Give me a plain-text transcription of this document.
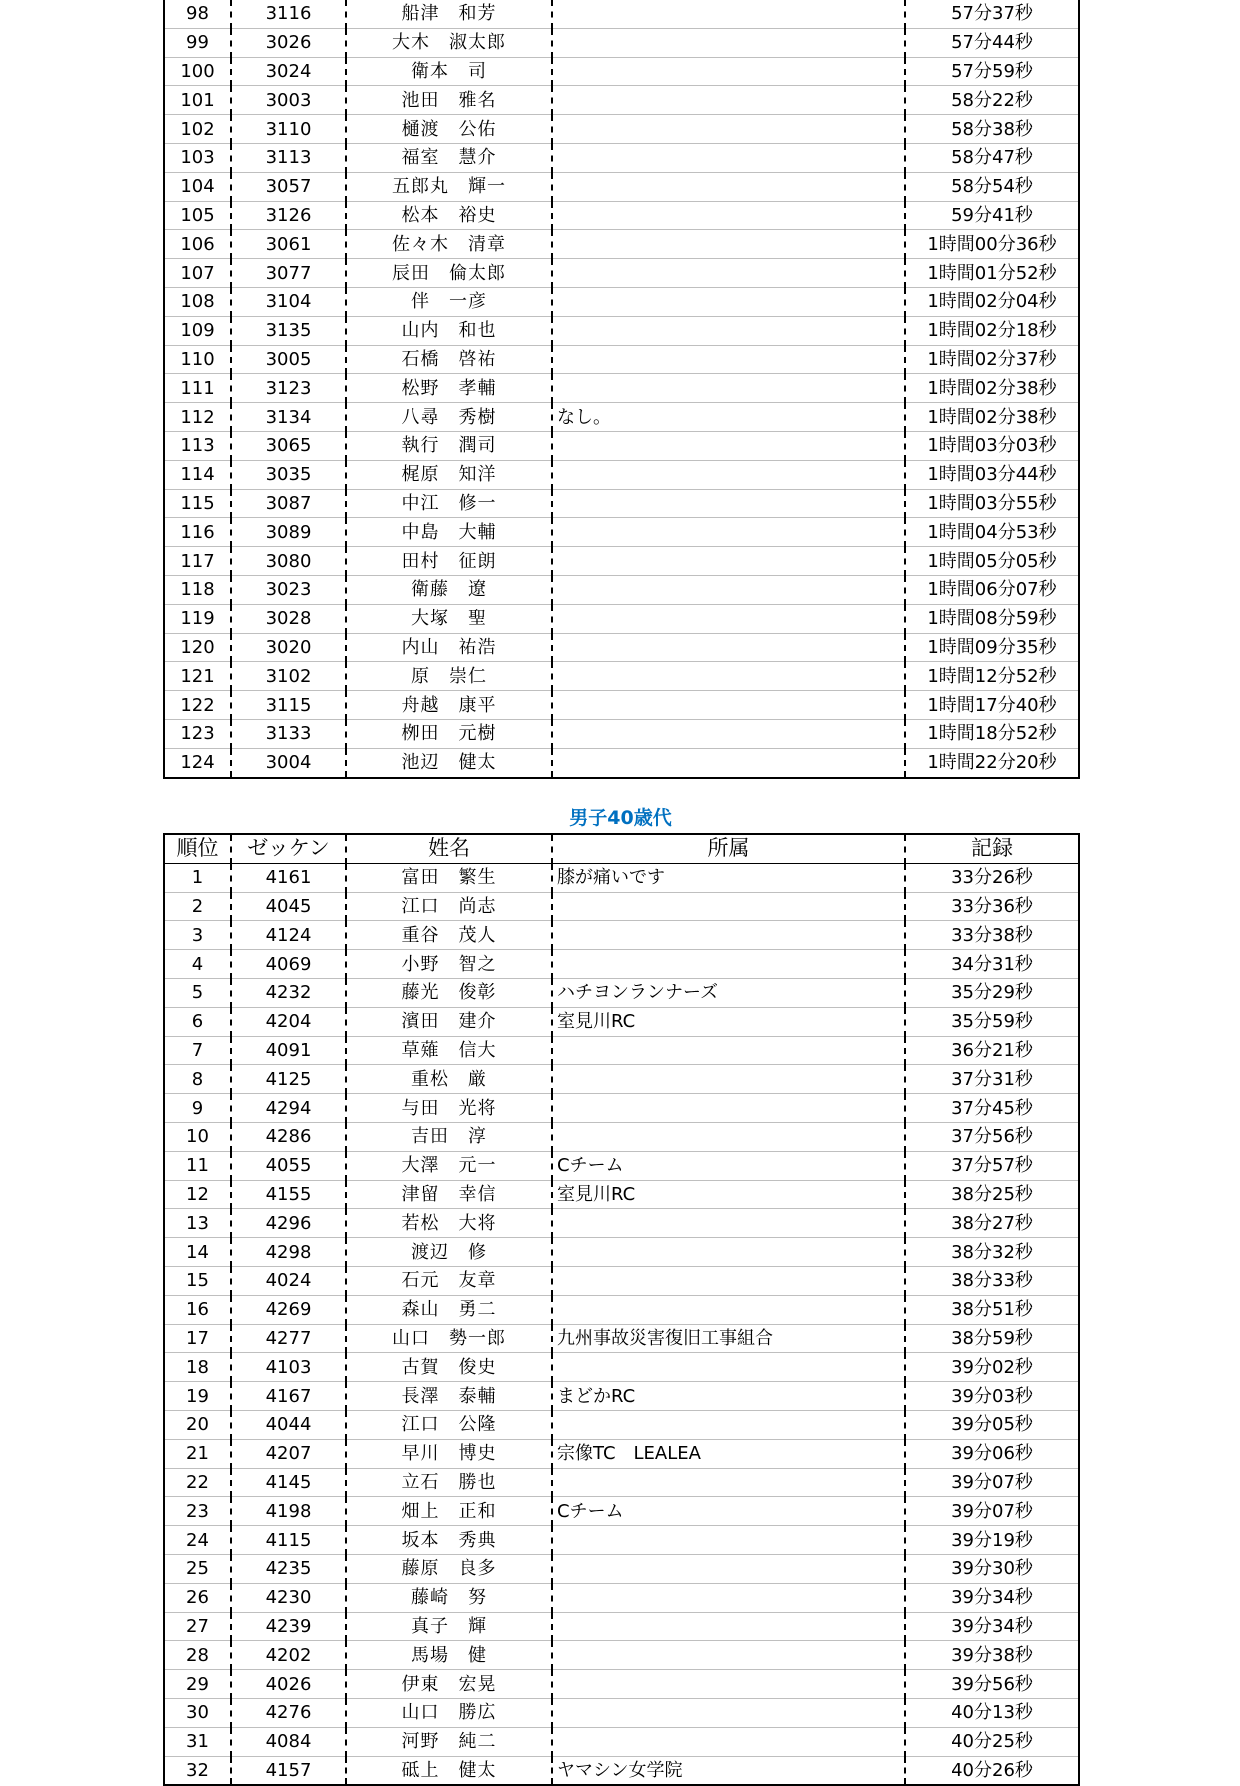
98	3116	船津　和芳		57分37秒
99	3026	大木　淑太郎		57分44秒
100	3024	衛本　司		57分59秒
101	3003	池田　雅名		58分22秒
102	3110	樋渡　公佑		58分38秒
103	3113	福室　慧介		58分47秒
104	3057	五郎丸　輝一		58分54秒
105	3126	松本　裕史		59分41秒
106	3061	佐々木　清章		1時間00分36秒
107	3077	辰田　倫太郎		1時間01分52秒
108	3104	伴　一彦		1時間02分04秒
109	3135	山内　和也		1時間02分18秒
110	3005	石橋　啓祐		1時間02分37秒
111	3123	松野　孝輔		1時間02分38秒
112	3134	八尋　秀樹	なし。	1時間02分38秒
113	3065	執行　潤司		1時間03分03秒
114	3035	梶原　知洋		1時間03分44秒
115	3087	中江　修一		1時間03分55秒
116	3089	中島　大輔		1時間04分53秒
117	3080	田村　征朗		1時間05分05秒
118	3023	衛藤　遼		1時間06分07秒
119	3028	大塚　聖		1時間08分59秒
120	3020	内山　祐浩		1時間09分35秒
121	3102	原　崇仁		1時間12分52秒
122	3115	舟越　康平		1時間17分40秒
123	3133	栁田　元樹		1時間18分52秒
124	3004	池辺　健太		1時間22分20秒
男子40歳代
順位	ゼッケン	姓名	所属	記録
1	4161	富田　繁生	膝が痛いです	33分26秒
2	4045	江口　尚志		33分36秒
3	4124	重谷　茂人		33分38秒
4	4069	小野　智之		34分31秒
5	4232	藤光　俊彰	ハチヨンランナーズ	35分29秒
6	4204	濱田　建介	室見川RC	35分59秒
7	4091	草薙　信大		36分21秒
8	4125	重松　厳		37分31秒
9	4294	与田　光将		37分45秒
10	4286	吉田　淳		37分56秒
11	4055	大澤　元一	Cチーム	37分57秒
12	4155	津留　幸信	室見川RC	38分25秒
13	4296	若松　大将		38分27秒
14	4298	渡辺　修		38分32秒
15	4024	石元　友章		38分33秒
16	4269	森山　勇二		38分51秒
17	4277	山口　勢一郎	九州事故災害復旧工事組合	38分59秒
18	4103	古賀　俊史		39分02秒
19	4167	長澤　泰輔	まどかRC	39分03秒
20	4044	江口　公隆		39分05秒
21	4207	早川　博史	宗像TC　LEALEA	39分06秒
22	4145	立石　勝也		39分07秒
23	4198	畑上　正和	Cチーム	39分07秒
24	4115	坂本　秀典		39分19秒
25	4235	藤原　良多		39分30秒
26	4230	藤崎　努		39分34秒
27	4239	真子　輝		39分34秒
28	4202	馬場　健		39分38秒
29	4026	伊東　宏晃		39分56秒
30	4276	山口　勝広		40分13秒
31	4084	河野　純二		40分25秒
32	4157	砥上　健太	ヤマシン女学院	40分26秒
